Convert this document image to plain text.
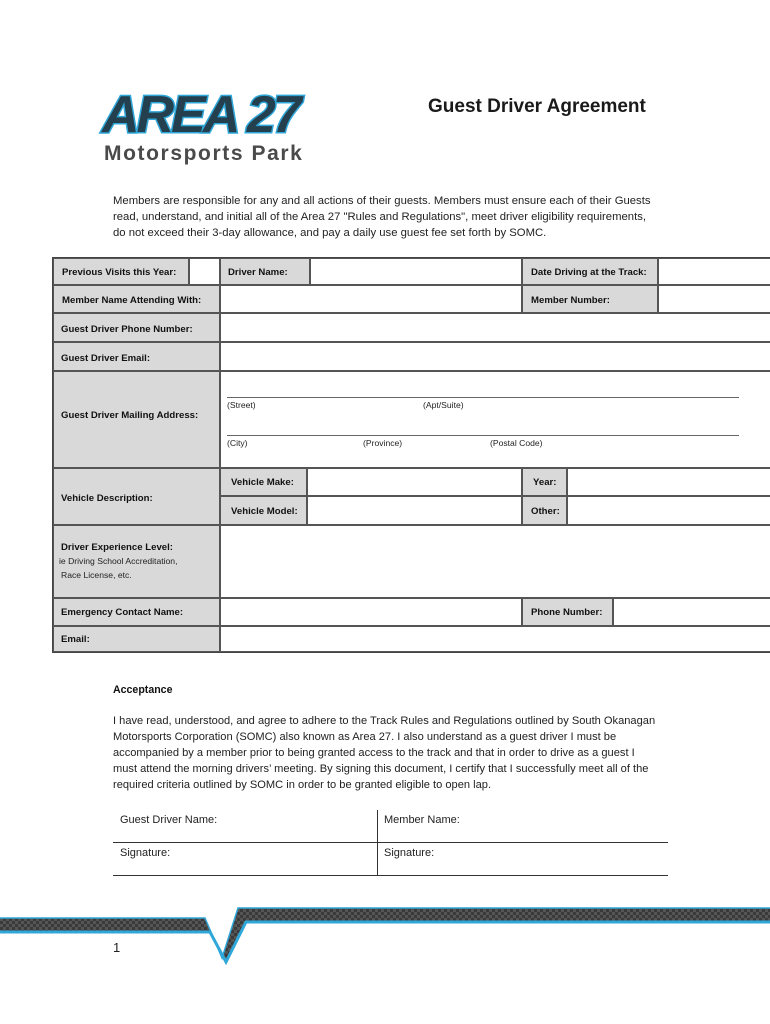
AREA 27
Motorsports Park
Guest Driver Agreement
Members are responsible for any and all actions of their guests. Members must ensure each of their Guests read, understand, and initial all of the Area 27 "Rules and Regulations", meet driver eligibility requirements, do not exceed their 3-day allowance, and pay a daily use guest fee set forth by SOMC.
Previous Visits this Year:	Driver Name:	Date Driving at the Track:
Member Name Attending With:	Member Number:
Guest Driver Phone Number:
Guest Driver Email:
Guest Driver Mailing Address:
(Street)	(Apt/Suite)
(City)	(Province)	(Postal Code)
Vehicle Description:
Vehicle Make:	Year:
Vehicle Model:	Other:
Driver Experience Level:
ie Driving School Accreditation,
Race License, etc.
Emergency Contact Name:	Phone Number:
Email:
Acceptance
I have read, understood, and agree to adhere to the Track Rules and Regulations outlined by South Okanagan Motorsports Corporation (SOMC) also known as Area 27. I also understand as a guest driver I must be accompanied by a member prior to being granted access to the track and that in order to drive as a guest I must attend the morning drivers’ meeting. By signing this document, I certify that I successfully meet all of the required criteria outlined by SOMC in order to be granted eligible to open lap.
Guest Driver Name:	Member Name:
Signature:	Signature:
1
